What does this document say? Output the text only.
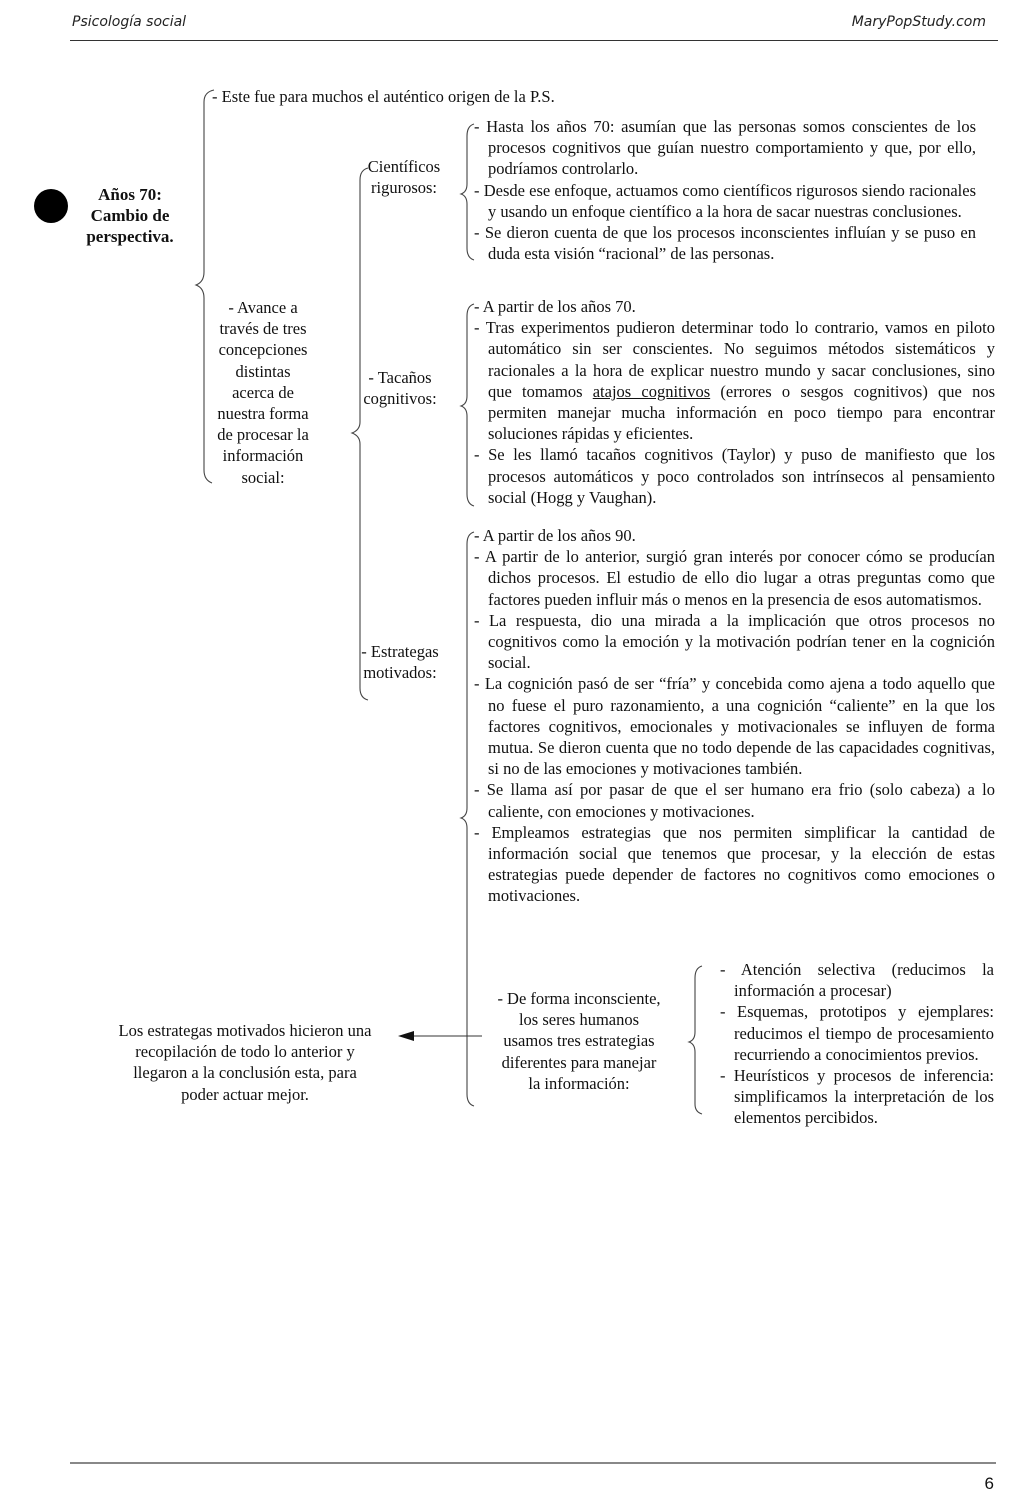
Psicología social	MaryPopStudy.com
Años 70:
Cambio de
perspectiva.
- Este fue para muchos el auténtico origen de la P.S.
- Avance a
través de tres
concepciones
distintas
acerca de
nuestra forma
de procesar la
información
social:
Científicos
rigurosos:
- Tacaños
cognitivos:
- Estrategas
motivados:
- Hasta los años 70: asumían que las personas somos conscientes de los procesos cognitivos que guían nuestro comportamiento y que, por ello, podríamos controlarlo.
- Desde ese enfoque, actuamos como científicos rigurosos siendo racionales y usando un enfoque científico a la hora de sacar nuestras conclusiones.
- Se dieron cuenta de que los procesos inconscientes influían y se puso en duda esta visión “racional” de las personas.
- A partir de los años 70.
- Tras experimentos pudieron determinar todo lo contrario, vamos en piloto automático sin ser conscientes. No seguimos métodos sistemáticos y racionales a la hora de explicar nuestro mundo y sacar conclusiones, sino que tomamos atajos cognitivos (errores o sesgos cognitivos) que nos permiten manejar mucha información en poco tiempo para encontrar soluciones rápidas y eficientes.
- Se les llamó tacaños cognitivos (Taylor) y puso de manifiesto que los procesos automáticos y poco controlados son intrínsecos al pensamiento social (Hogg y Vaughan).
- A partir de los años 90.
- A partir de lo anterior, surgió gran interés por conocer cómo se producían dichos procesos. El estudio de ello dio lugar a otras preguntas como que factores pueden influir más o menos en la presencia de esos automatismos.
- La respuesta, dio una mirada a la implicación que otros procesos no cognitivos como la emoción y la motivación podrían tener en la cognición social.
- La cognición pasó de ser “fría” y concebida como ajena a todo aquello que no fuese el puro razonamiento, a una cognición “caliente” en la que los factores cognitivos, emocionales y motivacionales se influyen de forma mutua. Se dieron cuenta que no todo depende de las capacidades cognitivas, si no de las emociones y motivaciones también.
- Se llama así por pasar de que el ser humano era frio (solo cabeza) a lo caliente, con emociones y motivaciones.
- Empleamos estrategias que nos permiten simplificar la cantidad de información social que tenemos que procesar, y la elección de estas estrategias puede depender de factores no cognitivos como emociones o motivaciones.
- De forma inconsciente,
los seres humanos
usamos tres estrategias
diferentes para manejar
la información:
- Atención selectiva (reducimos la información a procesar)
- Esquemas, prototipos y ejemplares: reducimos el tiempo de procesamiento recurriendo a conocimientos previos.
- Heurísticos y procesos de inferencia: simplificamos la interpretación de los elementos percibidos.
Los estrategas motivados hicieron una
recopilación de todo lo anterior y
llegaron a la conclusión esta, para
poder actuar mejor.
6
